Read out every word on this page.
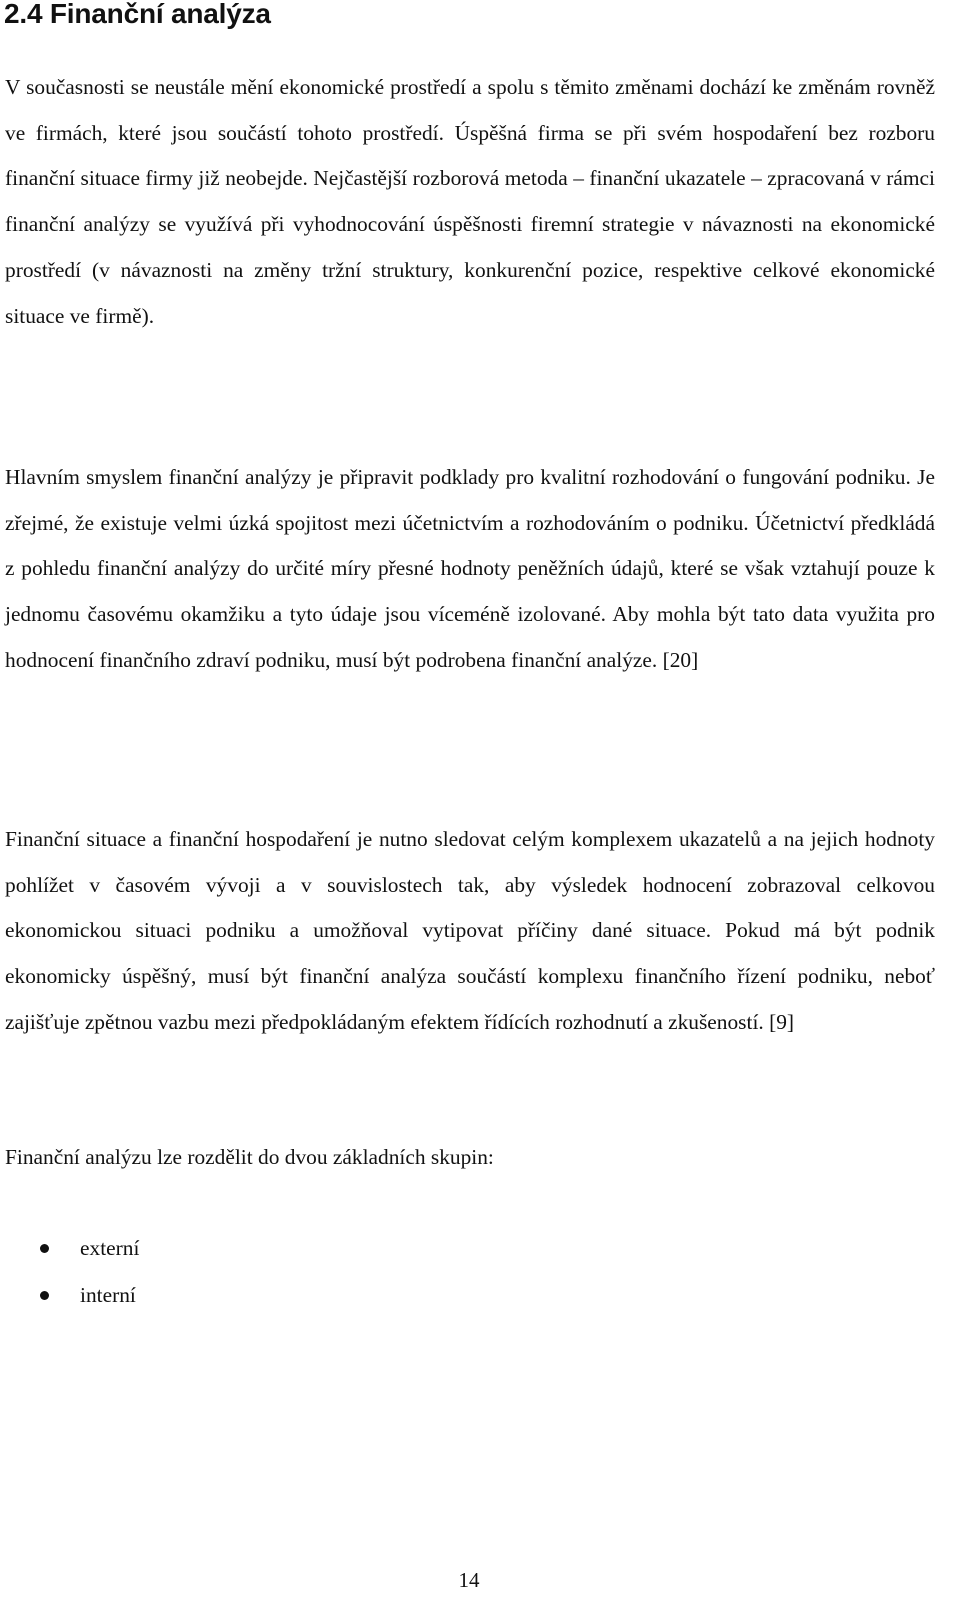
2.4 Finanční analýza

V současnosti se neustále mění ekonomické prostředí a spolu s těmito změnami dochází ke změnám rovněž ve firmách, které jsou součástí tohoto prostředí. Úspěšná firma se při svém hospodaření bez rozboru finanční situace firmy již neobejde. Nejčastější rozborová metoda – finanční ukazatele – zpracovaná v rámci finanční analýzy se využívá při vyhodnocování úspěšnosti firemní strategie v návaznosti na ekonomické prostředí (v návaznosti na změny tržní struktury, konkurenční pozice, respektive celkové ekonomické situace ve firmě).

Hlavním smyslem finanční analýzy je připravit podklady pro kvalitní rozhodování o fungování podniku. Je zřejmé, že existuje velmi úzká spojitost mezi účetnictvím a rozhodováním o podniku. Účetnictví předkládá z pohledu finanční analýzy do určité míry přesné hodnoty peněžních údajů, které se však vztahují pouze k jednomu časovému okamžiku a tyto údaje jsou víceméně izolované. Aby mohla být tato data využita pro hodnocení finančního zdraví podniku, musí být podrobena finanční analýze. [20]

Finanční situace a finanční hospodaření je nutno sledovat celým komplexem ukazatelů a na jejich hodnoty pohlížet v časovém vývoji a v souvislostech tak, aby výsledek hodnocení zobrazoval celkovou ekonomickou situaci podniku a umožňoval vytipovat příčiny dané situace. Pokud má být podnik ekonomicky úspěšný, musí být finanční analýza součástí komplexu finančního řízení podniku, neboť zajišťuje zpětnou vazbu mezi předpokládaným efektem řídících rozhodnutí a zkušeností. [9]

Finanční analýzu lze rozdělit do dvou základních skupin:

externí
interní
14
